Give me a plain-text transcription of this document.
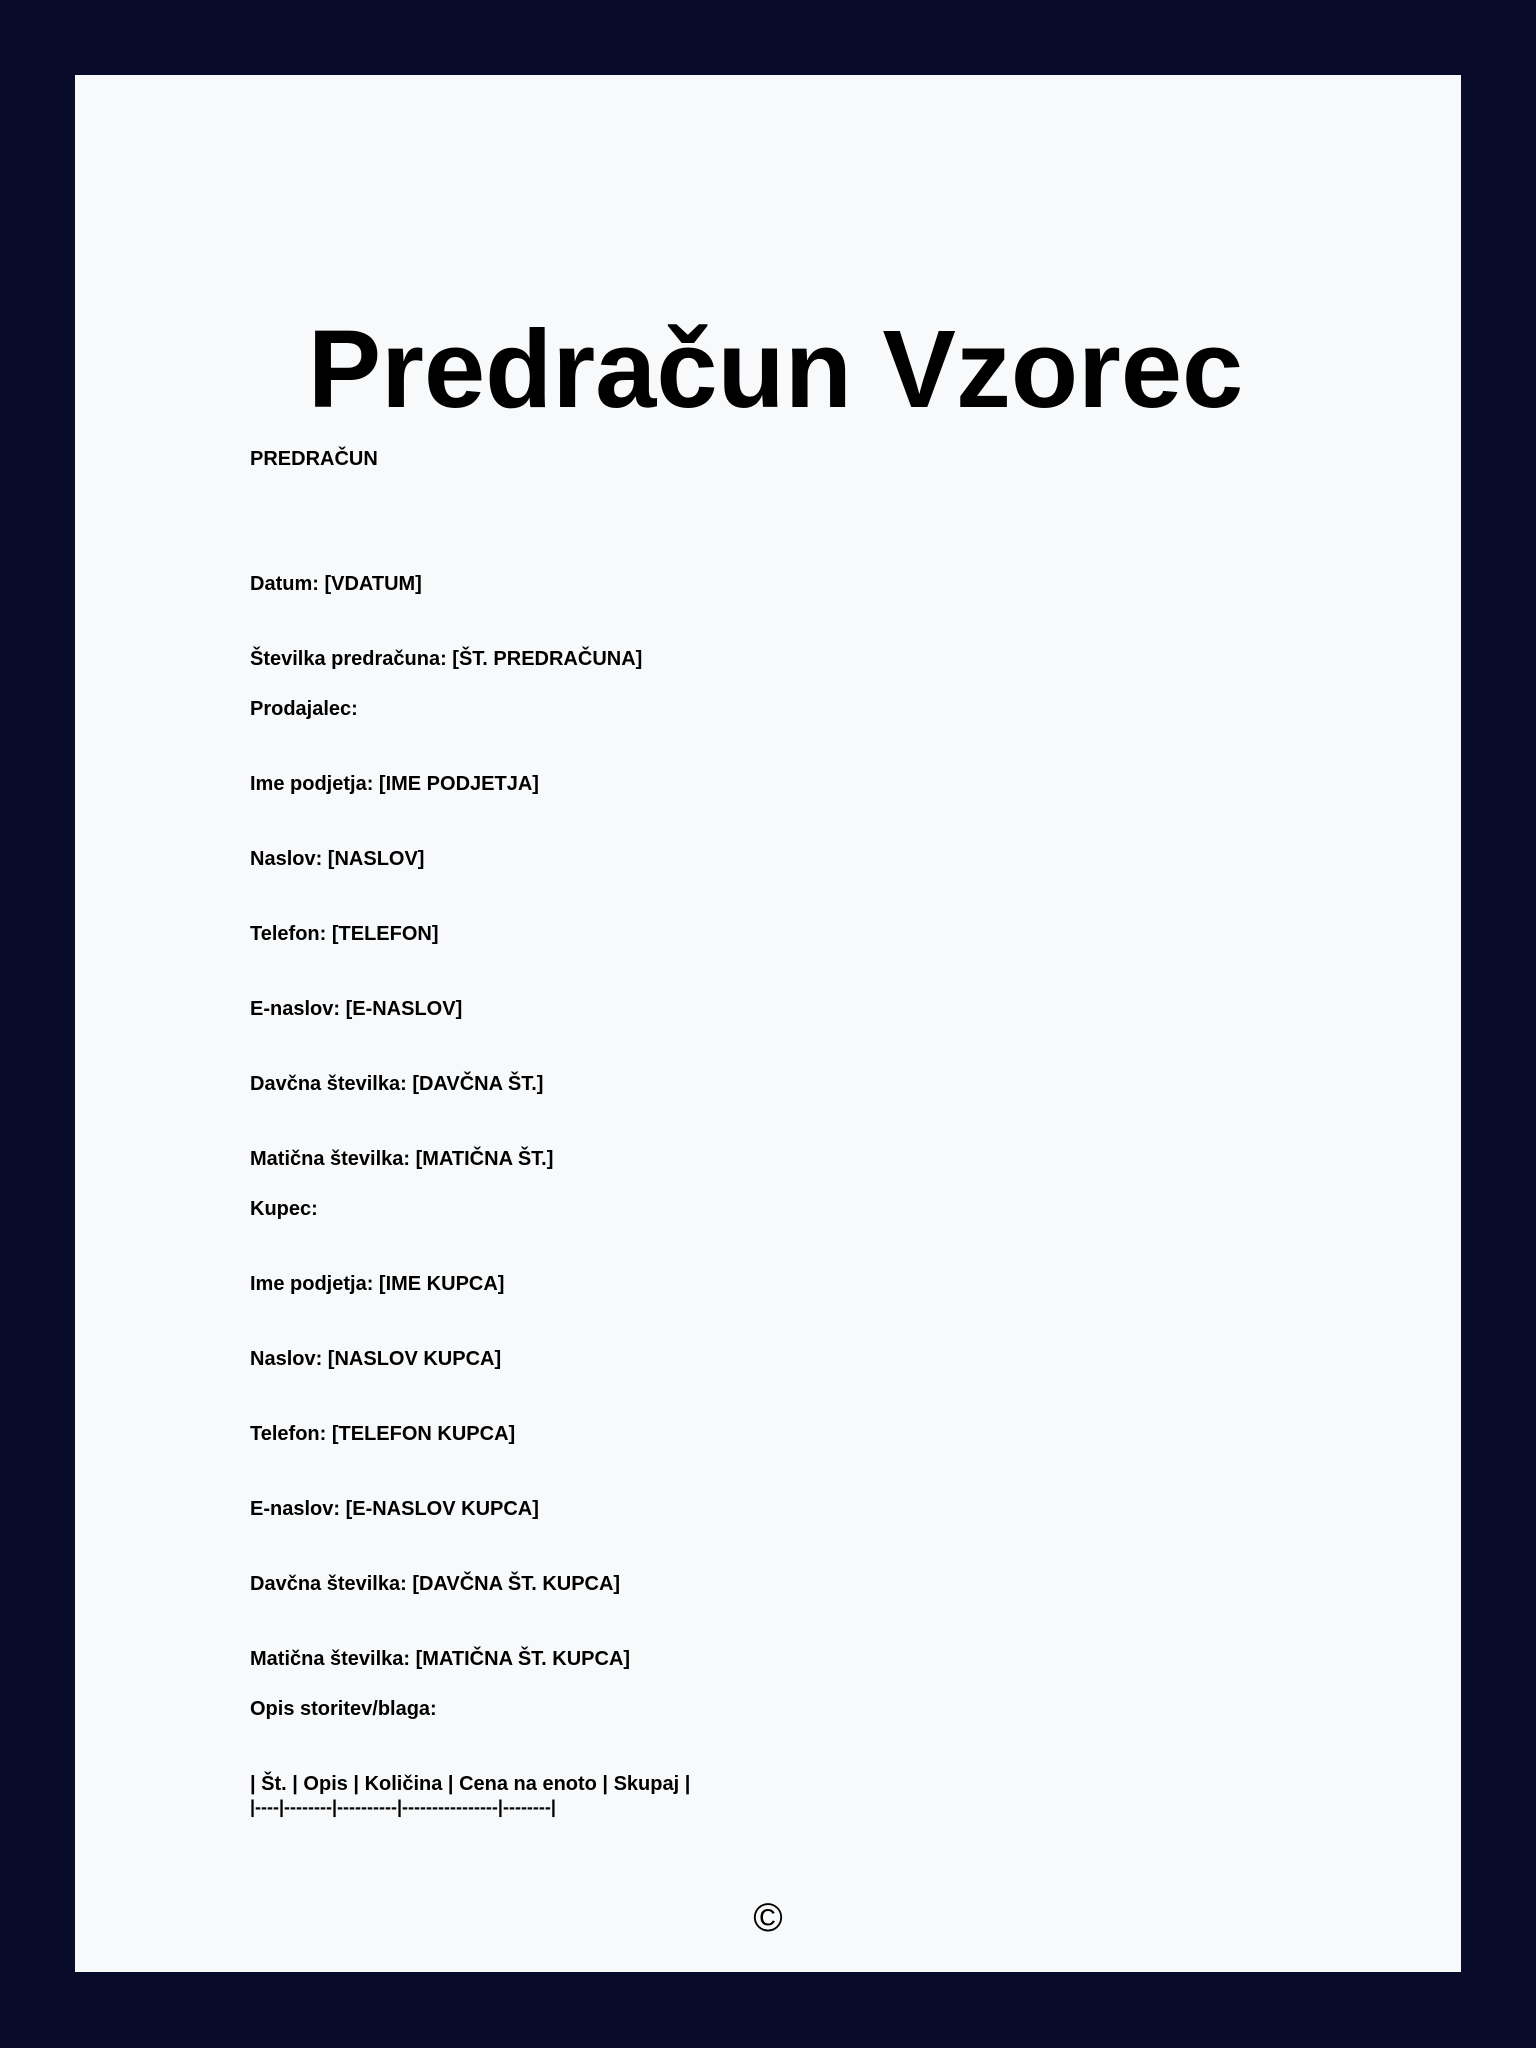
Predračun Vzorec

PREDRAČUN

Datum: [VDATUM]

Številka predračuna: [ŠT. PREDRAČUNA]

Prodajalec:

Ime podjetja: [IME PODJETJA]

Naslov: [NASLOV]

Telefon: [TELEFON]

E-naslov: [E-NASLOV]

Davčna številka: [DAVČNA ŠT.]

Matična številka: [MATIČNA ŠT.]

Kupec:

Ime podjetja: [IME KUPCA]

Naslov: [NASLOV KUPCA]

Telefon: [TELEFON KUPCA]

E-naslov: [E-NASLOV KUPCA]

Davčna številka: [DAVČNA ŠT. KUPCA]

Matična številka: [MATIČNA ŠT. KUPCA]

Opis storitev/blaga:

| Št. | Opis | Količina | Cena na enoto | Skupaj |

|----|--------|----------|----------------|--------|

©
